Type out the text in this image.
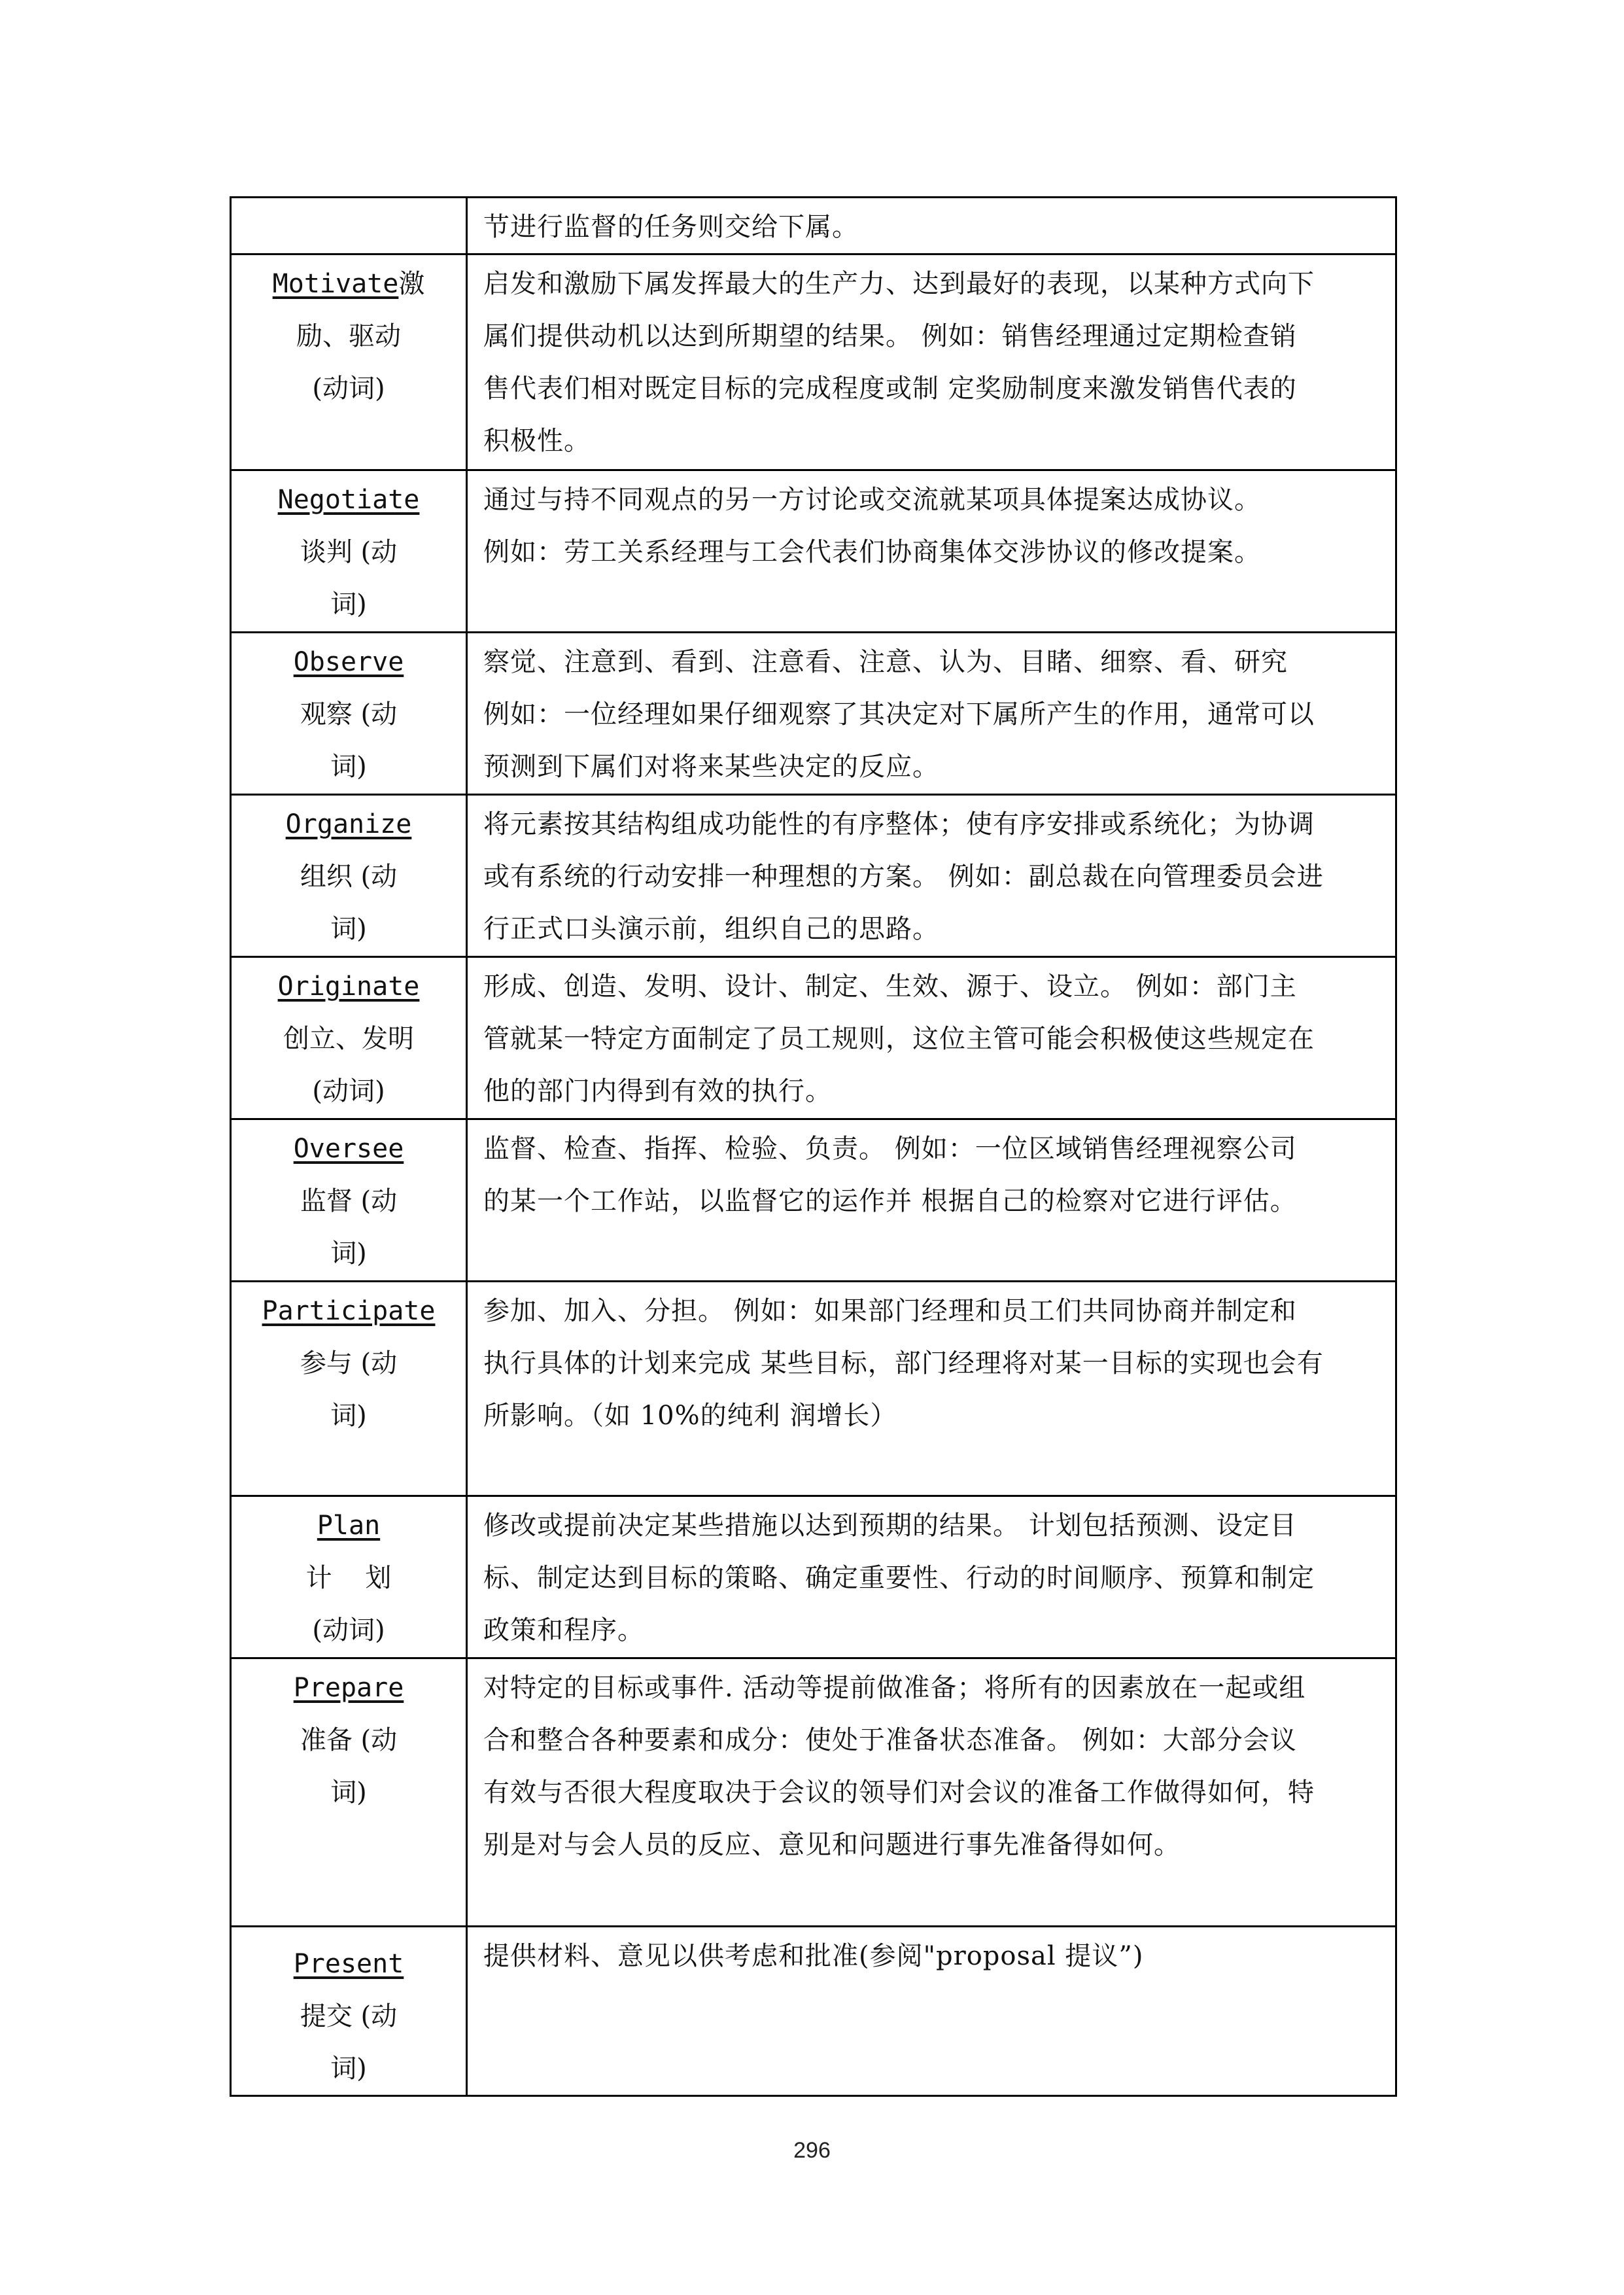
	节进行监督的任务则交给下属。

Motivate激
励、驱动
(动词)	启发和激励下属发挥最大的生产力、达到最好的表现，以某种方式向下
属们提供动机以达到所期望的结果。 例如：销售经理通过定期检查销
售代表们相对既定目标的完成程度或制 定奖励制度来激发销售代表的
积极性。

Negotiate
谈判 (动
词)	通过与持不同观点的另一方讨论或交流就某项具体提案达成协议。
例如：劳工关系经理与工会代表们协商集体交涉协议的修改提案。

Observe
观察 (动
词)	察觉、注意到、看到、注意看、注意、认为、目睹、细察、看、研究
例如：一位经理如果仔细观察了其决定对下属所产生的作用，通常可以
预测到下属们对将来某些决定的反应。

Organize
组织 (动
词)	将元素按其结构组成功能性的有序整体；使有序安排或系统化；为协调
或有系统的行动安排一种理想的方案。 例如：副总裁在向管理委员会进
行正式口头演示前，组织自己的思路。

Originate
创立、发明
(动词)	形成、创造、发明、设计、制定、生效、源于、设立。 例如：部门主
管就某一特定方面制定了员工规则，这位主管可能会积极使这些规定在
他的部门内得到有效的执行。

Oversee
监督 (动
词)	监督、检查、指挥、检验、负责。 例如：一位区域销售经理视察公司
的某一个工作站，以监督它的运作并 根据自己的检察对它进行评估。

Participate
参与 (动
词)	参加、加入、分担。 例如：如果部门经理和员工们共同协商并制定和
执行具体的计划来完成 某些目标，部门经理将对某一目标的实现也会有
所影响。（如 10%的纯利 润增长）

Plan
计    划
(动词)	修改或提前决定某些措施以达到预期的结果。 计划包括预测、设定目
标、制定达到目标的策略、确定重要性、行动的时间顺序、预算和制定
政策和程序。

Prepare
准备 (动
词)	对特定的目标或事件. 活动等提前做准备；将所有的因素放在一起或组
合和整合各种要素和成分：使处于准备状态准备。 例如：大部分会议
有效与否很大程度取决于会议的领导们对会议的准备工作做得如何，特
别是对与会人员的反应、意见和问题进行事先准备得如何。

Present
提交 (动
词)	提供材料、意见以供考虑和批准(参阅"proposal 提议”)
296
